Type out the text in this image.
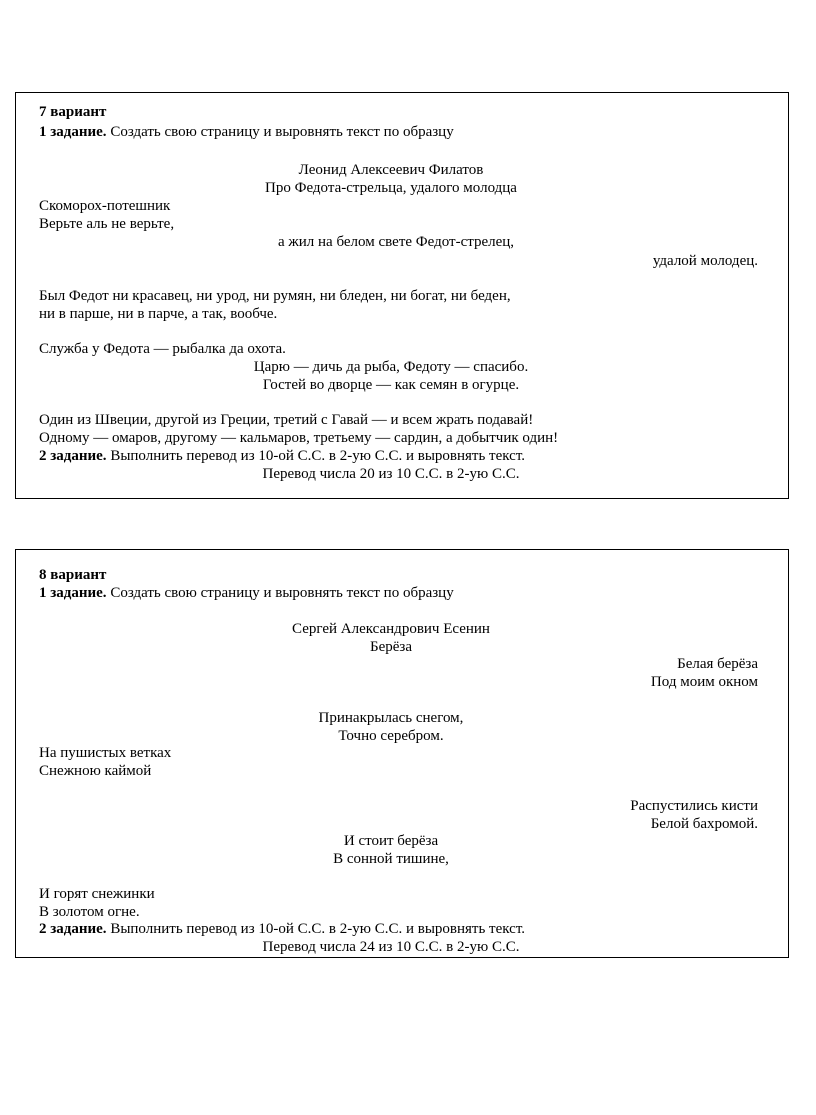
7 вариант
1 задание. Создать свою страницу и выровнять текст по образцу
Леонид Алексеевич Филатов
Про Федота-стрельца, удалого молодца
Скоморох-потешник
Верьте аль не верьте,
а жил на белом свете Федот-стрелец,
удалой молодец.
Был Федот ни красавец, ни урод, ни румян, ни бледен, ни богат, ни беден,
ни в парше, ни в парче, а так, вообче.
Служба у Федота — рыбалка да охота.
Царю — дичь да рыба, Федоту — спасибо.
Гостей во дворце — как семян в огурце.
Один из Швеции, другой из Греции, третий с Гавай — и всем жрать подавай!
Одному — омаров, другому — кальмаров, третьему — сардин, а добытчик один!
2 задание. Выполнить перевод из 10-ой С.С. в 2-ую С.С. и выровнять текст.
Перевод числа 20 из 10 С.С. в 2-ую С.С.
8 вариант
1 задание. Создать свою страницу и выровнять текст по образцу
Сергей Александрович Есенин
Берёза
Белая берёза
Под моим окном
Принакрылась снегом,
Точно серебром.
На пушистых ветках
Снежною каймой
Распустились кисти
Белой бахромой.
И стоит берёза
В сонной тишине,
И горят снежинки
В золотом огне.
2 задание. Выполнить перевод из 10-ой С.С. в 2-ую С.С. и выровнять текст.
Перевод числа 24 из 10 С.С. в 2-ую С.С.
